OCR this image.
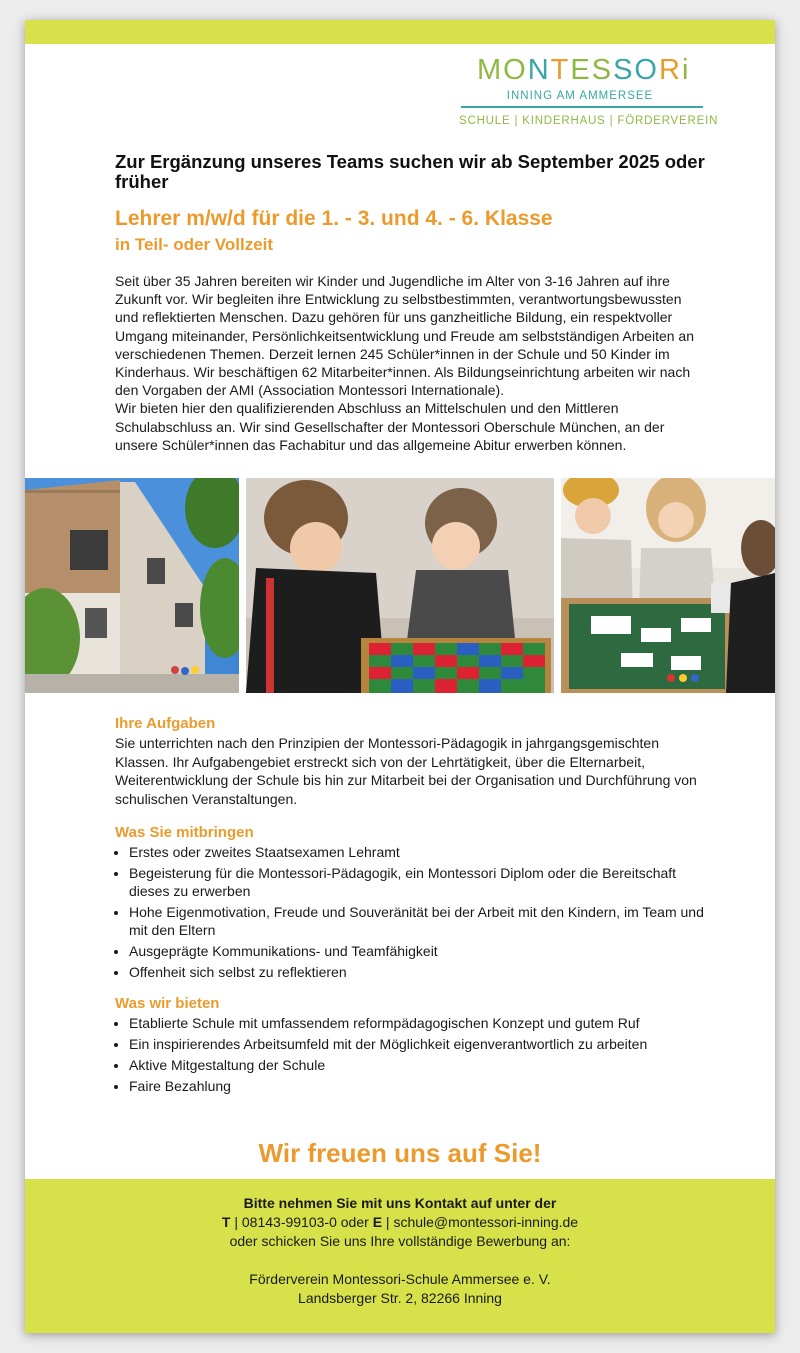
MONTESSORi
INNING AM AMMERSEE
SCHULE | KINDERHAUS | FÖRDERVEREIN
Zur Ergänzung unseres Teams suchen wir ab September 2025 oder früher
Lehrer m/w/d für die 1. - 3. und 4. - 6. Klasse
in Teil- oder Vollzeit

Seit über 35 Jahren bereiten wir Kinder und Jugendliche im Alter von 3-16 Jahren auf ihre Zukunft vor. Wir begleiten ihre Entwicklung zu selbstbestimmten, verantwortungsbewussten und reflektierten Menschen. Dazu gehören für uns ganzheitliche Bildung, ein respektvoller Umgang miteinander, Persönlichkeitsentwicklung und Freude am selbstständigen Arbeiten an verschiedenen Themen. Derzeit lernen 245 Schüler*innen in der Schule und 50 Kinder im Kinderhaus. Wir beschäftigen 62 Mitarbeiter*innen. Als Bildungseinrichtung arbeiten wir nach den Vorgaben der AMI (Association Montessori Internationale).
Wir bieten hier den qualifizierenden Abschluss an Mittelschulen und den Mittleren Schulabschluss an. Wir sind Gesellschafter der Montessori Oberschule München, an der unsere Schüler*innen das Fachabitur und das allgemeine Abitur erwerben können.

Ihre Aufgaben

Sie unterrichten nach den Prinzipien der Montessori-Pädagogik in jahrgangsgemischten Klassen. Ihr Aufgabengebiet erstreckt sich von der Lehrtätigkeit, über die Elternarbeit, Weiterentwicklung der Schule bis hin zur Mitarbeit bei der Organisation und Durchführung von schulischen Veranstaltungen.

Was Sie mitbringen

• Erstes oder zweites Staatsexamen Lehramt
• Begeisterung für die Montessori-Pädagogik, ein Montessori Diplom oder die Bereitschaft dieses zu erwerben
• Hohe Eigenmotivation, Freude und Souveränität bei der Arbeit mit den Kindern, im Team und mit den Eltern
• Ausgeprägte Kommunikations- und Teamfähigkeit
• Offenheit sich selbst zu reflektieren

Was wir bieten

• Etablierte Schule mit umfassendem reformpädagogischen Konzept und gutem Ruf
• Ein inspirierendes Arbeitsumfeld mit der Möglichkeit eigenverantwortlich zu arbeiten
• Aktive Mitgestaltung der Schule
• Faire Bezahlung
Wir freuen uns auf Sie!
Bitte nehmen Sie mit uns Kontakt auf unter der
T | 08143-99103-0 oder E | schule@montessori-inning.de
oder schicken Sie uns Ihre vollständige Bewerbung an:
Förderverein Montessori-Schule Ammersee e. V.
Landsberger Str. 2, 82266 Inning
